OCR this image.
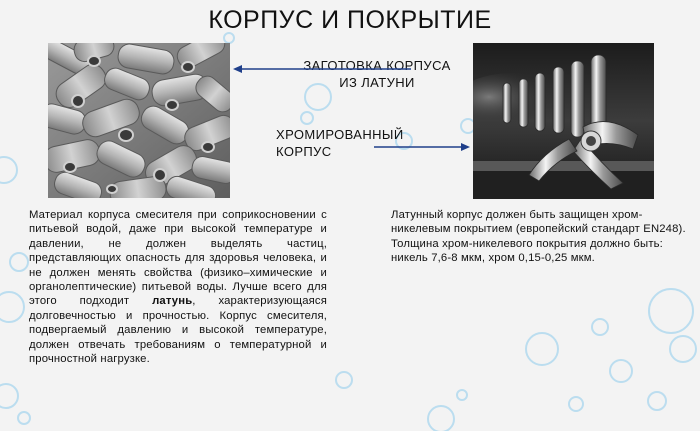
КОРПУС И ПОКРЫТИЕ
ЗАГОТОВКА КОРПУСА
ИЗ ЛАТУНИ
ХРОМИРОВАННЫЙ
КОРПУС

Материал корпуса смесителя при соприкосновении с питьевой водой, даже при высокой температуре и давлении, не должен выделять частиц, представляющих опасность для здоровья человека, и не должен менять свойства (физико–химические и органолептические) питьевой воды. Лучше всего для этого подходит латунь, характеризующаяся долговечностью и прочностью. Корпус смесителя, подвергаемый давлению и высокой температуре, должен отвечать требованиям о температурной и прочностной нагрузке.

Латунный корпус должен быть защищен хром-никелевым покрытием (европейский стандарт EN248). Толщина хром-никелевого покрытия должно быть: никель 7,6-8 мкм, хром 0,15-0,25 мкм.
